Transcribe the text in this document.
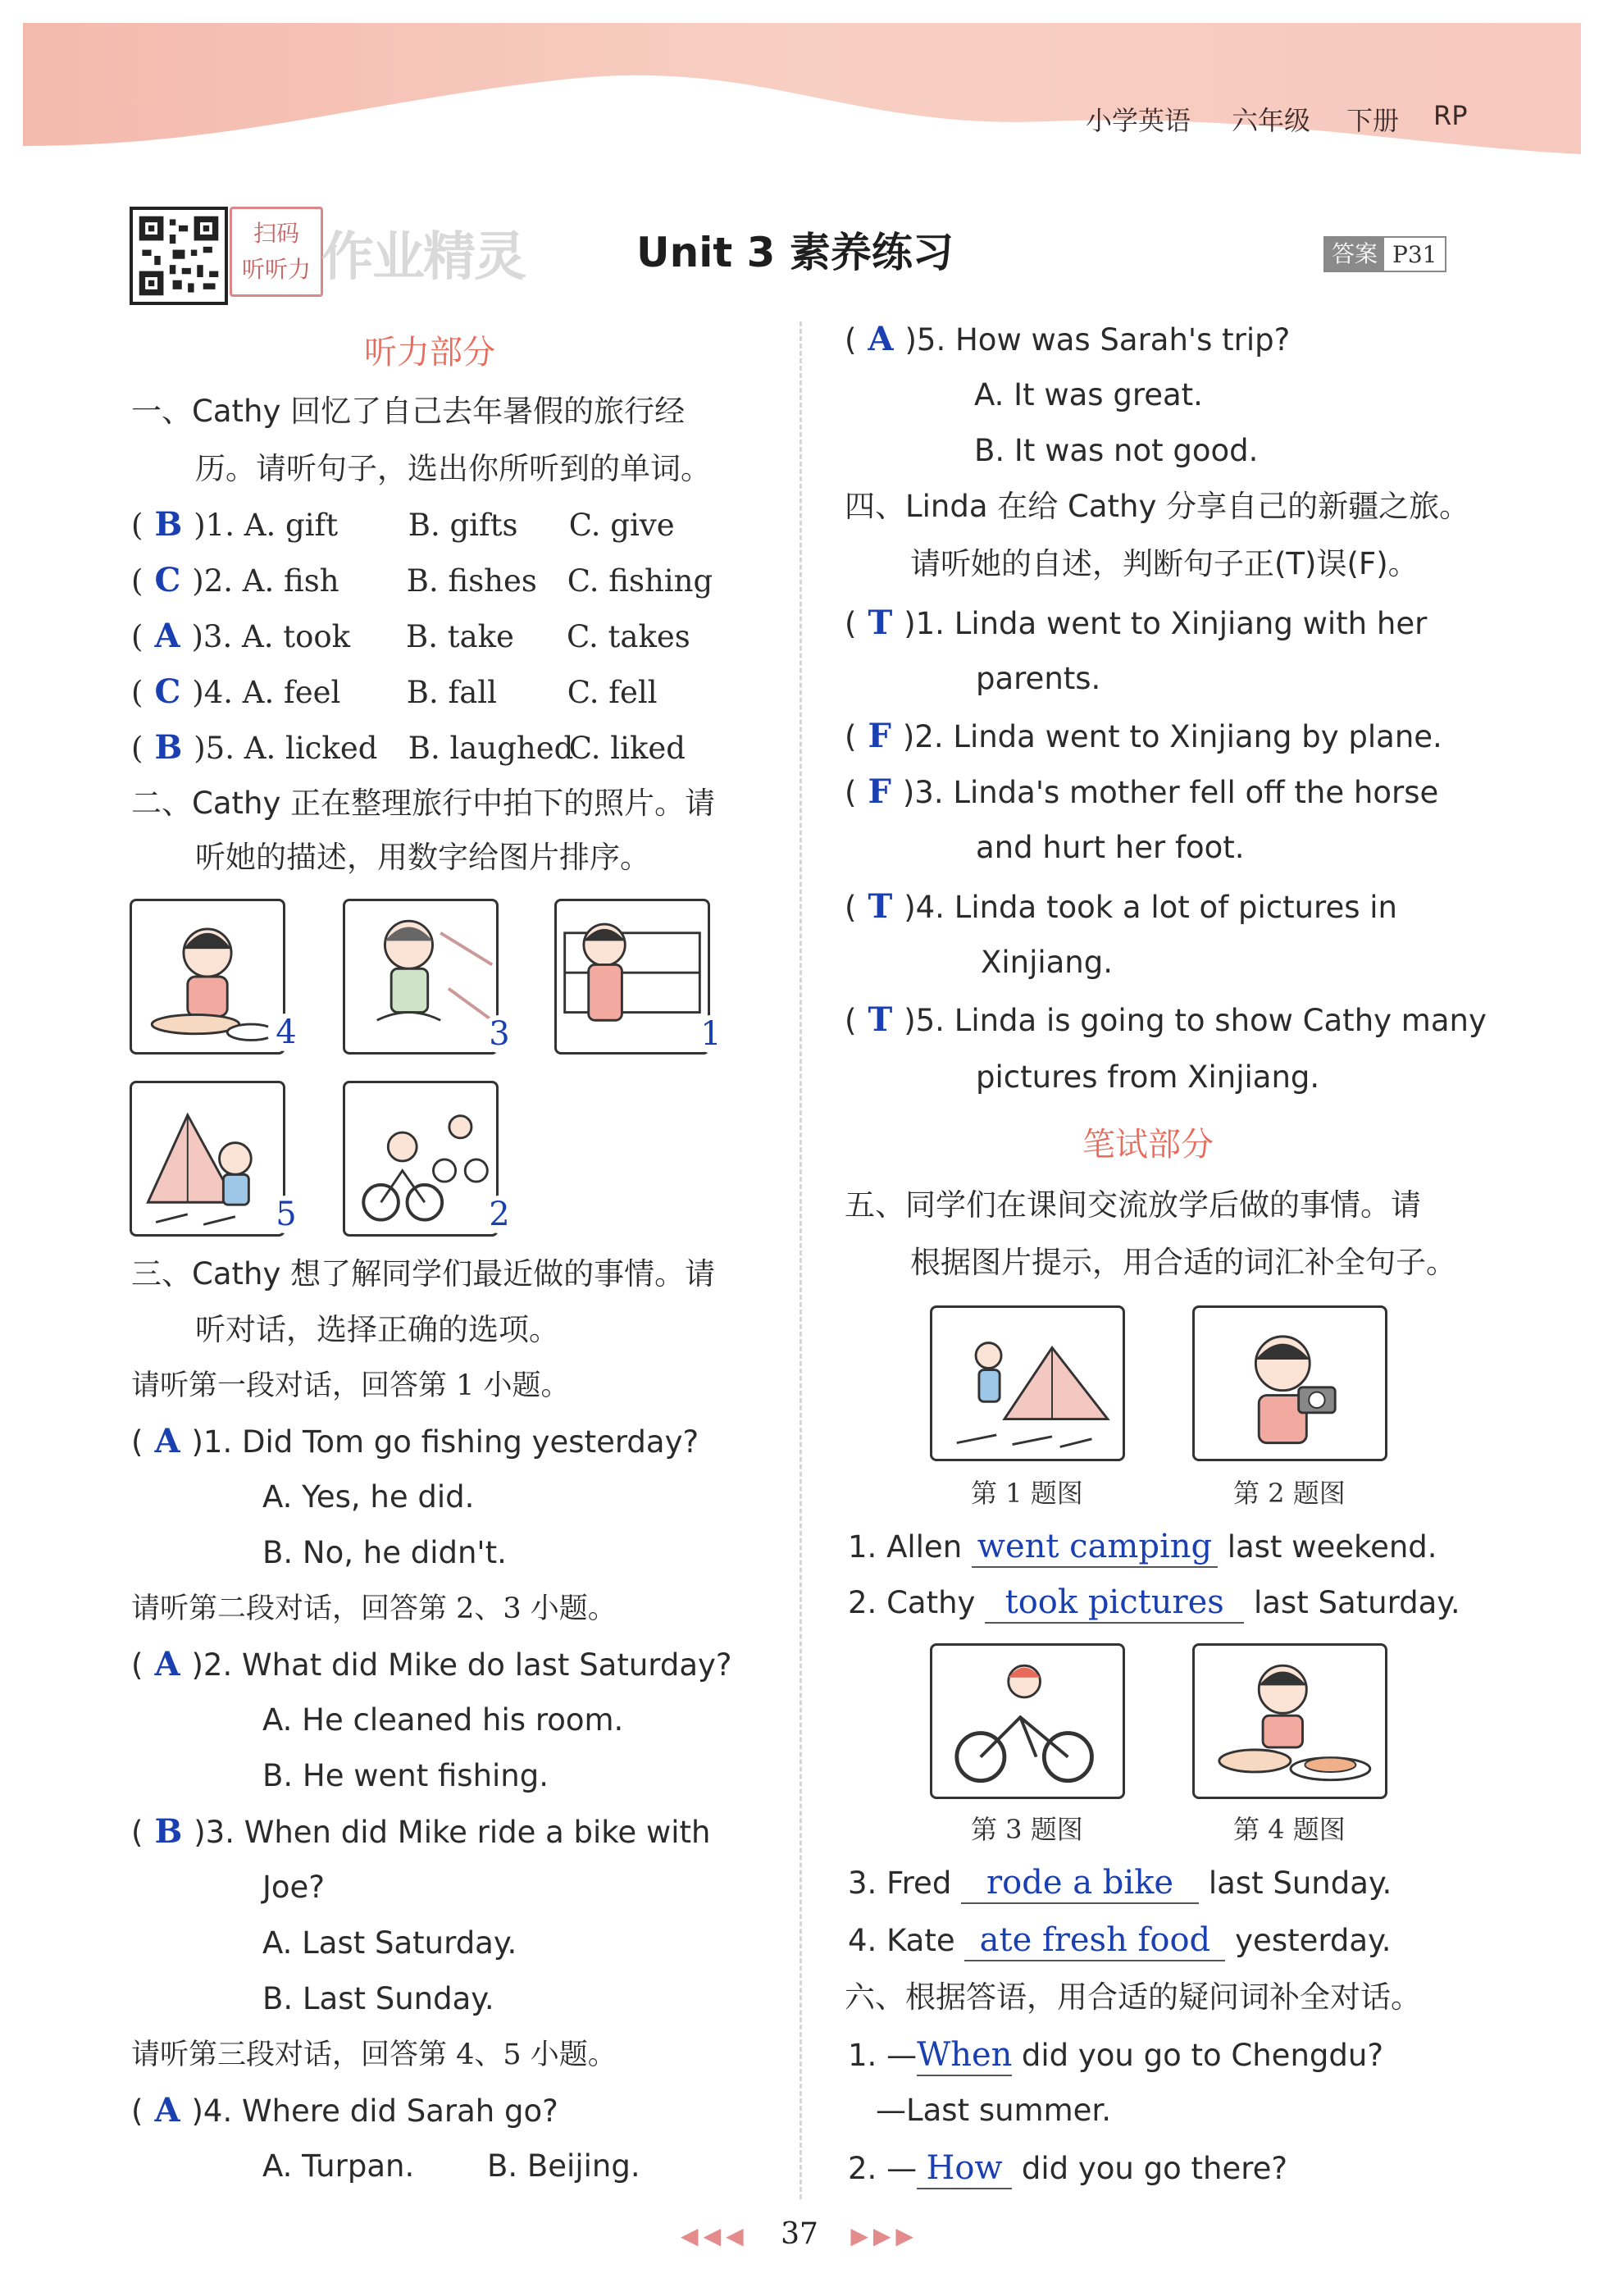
小学英语 六年级 下册 RP
扫码
听听力 作业精灵	Unit 3 素养练习	答案 P31
听力部分
一、Cathy 回忆了自己去年暑假的旅行经
历。请听句子，选出你所听到的单词。
( B )1. A. gift B. gifts C. give
( C )2. A. fish B. fishes C. fishing
( A )3. A. took B. take C. takes
( C )4. A. feel B. fall C. fell
( B )5. A. licked B. laughedC. liked
二、Cathy 正在整理旅行中拍下的照片。请
听她的描述，用数字给图片排序。
4	3	1
5	2
三、Cathy 想了解同学们最近做的事情。请
听对话，选择正确的选项。
请听第一段对话，回答第 1 小题。
( A )1. Did Tom go fishing yesterday?
A. Yes, he did.
B. No, he didn't.
请听第二段对话，回答第 2、3 小题。
( A )2. What did Mike do last Saturday?
A. He cleaned his room.
B. He went fishing.
( B )3. When did Mike ride a bike with
Joe?
A. Last Saturday.
B. Last Sunday.
请听第三段对话，回答第 4、5 小题。
( A )4. Where did Sarah go?
A. Turpan. B. Beijing.
( A )5. How was Sarah's trip?
A. It was great.
B. It was not good.
四、Linda 在给 Cathy 分享自己的新疆之旅。
请听她的自述，判断句子正(T)误(F)。
( T )1. Linda went to Xinjiang with her
parents.
( F )2. Linda went to Xinjiang by plane.
( F )3. Linda's mother fell off the horse
and hurt her foot.
( T )4. Linda took a lot of pictures in
Xinjiang.
( T )5. Linda is going to show Cathy many
pictures from Xinjiang.
笔试部分
五、同学们在课间交流放学后做的事情。请
根据图片提示，用合适的词汇补全句子。
第 1 题图	第 2 题图
1. Allen went camping last weekend.
2. Cathy took pictures last Saturday.
第 3 题图	第 4 题图
3. Fred rode a bike last Sunday.
4. Kate ate fresh food yesterday.
六、根据答语，用合适的疑问词补全对话。
1. —When did you go to Chengdu?
—Last summer.
2. — How did you go there?
◀◀◀ 37 ▶▶▶
